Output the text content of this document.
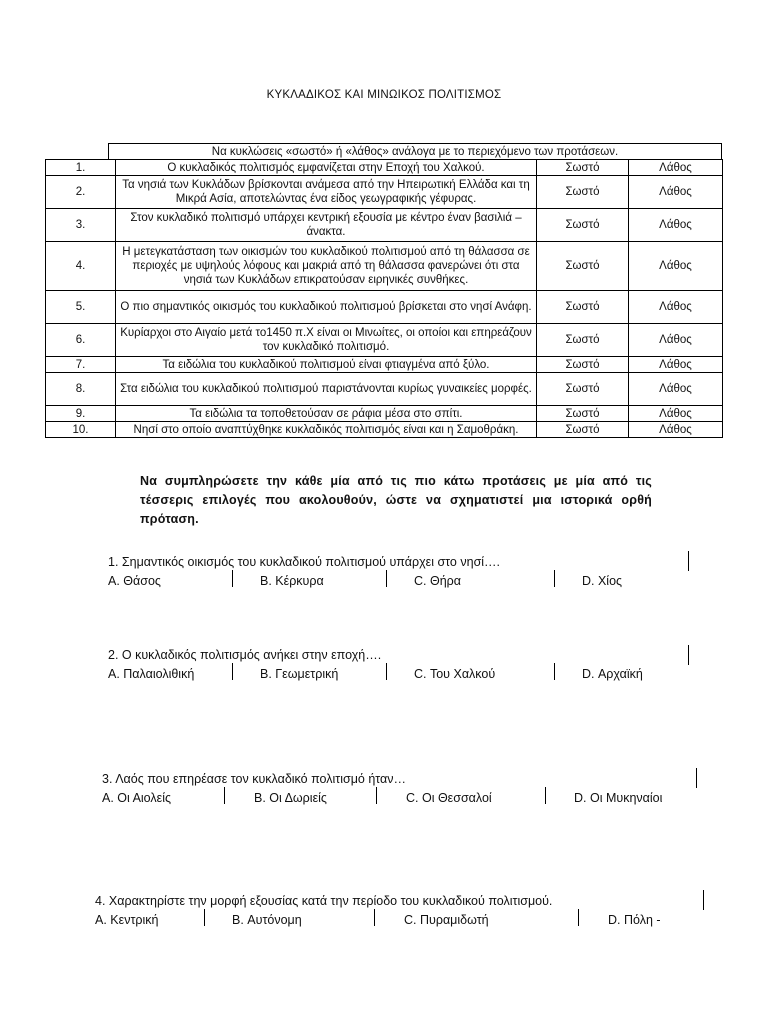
ΚΥΚΛΑΔΙΚΟΣ ΚΑΙ ΜΙΝΩΙΚΟΣ ΠΟΛΙΤΙΣΜΟΣ
Να κυκλώσεις «σωστό» ή «λάθος» ανάλογα με το περιεχόμενο των προτάσεων.
1.	Ο κυκλαδικός πολιτισμός εμφανίζεται στην Εποχή του Χαλκού.	Σωστό	Λάθος
2.	Τα νησιά των Κυκλάδων βρίσκονται ανάμεσα από την Ηπειρωτική Ελλάδα και τη Μικρά Ασία, αποτελώντας ένα είδος γεωγραφικής γέφυρας.	Σωστό	Λάθος
3.	Στον κυκλαδικό πολιτισμό υπάρχει κεντρική εξουσία με κέντρο έναν βασιλιά – άνακτα.	Σωστό	Λάθος
4.	Η μετεγκατάσταση των οικισμών του κυκλαδικού πολιτισμού από τη θάλασσα σε περιοχές με υψηλούς λόφους και μακριά από τη θάλασσα φανερώνει ότι στα νησιά των Κυκλάδων επικρατούσαν ειρηνικές συνθήκες.	Σωστό	Λάθος
5.	Ο πιο σημαντικός οικισμός του κυκλαδικού πολιτισμού βρίσκεται στο νησί Ανάφη.	Σωστό	Λάθος
6.	Κυρίαρχοι στο Αιγαίο μετά το1450 π.Χ είναι οι Μινωίτες, οι οποίοι και επηρεάζουν τον κυκλαδικό πολιτισμό.	Σωστό	Λάθος
7.	Τα ειδώλια του κυκλαδικού πολιτισμού είναι φτιαγμένα από ξύλο.	Σωστό	Λάθος
8.	Στα ειδώλια του κυκλαδικού πολιτισμού παριστάνονται κυρίως γυναικείες μορφές.	Σωστό	Λάθος
9.	Τα ειδώλια τα τοποθετούσαν σε ράφια μέσα στο σπίτι.	Σωστό	Λάθος
10.	Νησί στο οποίο αναπτύχθηκε κυκλαδικός πολιτισμός είναι και η Σαμοθράκη.	Σωστό	Λάθος
Να συμπληρώσετε την κάθε μία από τις πιο κάτω προτάσεις με μία από τις τέσσερις επιλογές που ακολουθούν, ώστε να σχηματιστεί μια ιστορικά ορθή πρόταση.
1. Σημαντικός οικισμός του κυκλαδικού πολιτισμού υπάρχει στο νησί….
A. Θάσος	B. Κέρκυρα	C. Θήρα	D. Χίος
2. Ο κυκλαδικός πολιτισμός ανήκει στην εποχή….
A. Παλαιολιθική	B. Γεωμετρική	C. Του Χαλκού	D. Αρχαϊκή
3. Λαός που επηρέασε τον κυκλαδικό πολιτισμό ήταν…
A. Οι Αιολείς	B. Οι Δωριείς	C. Οι Θεσσαλοί	D. Οι Μυκηναίοι
4. Χαρακτηρίστε την μορφή εξουσίας κατά την περίοδο του κυκλαδικού πολιτισμού.
A. Κεντρική	B. Αυτόνομη	C. Πυραμιδωτή	D. Πόλη -
